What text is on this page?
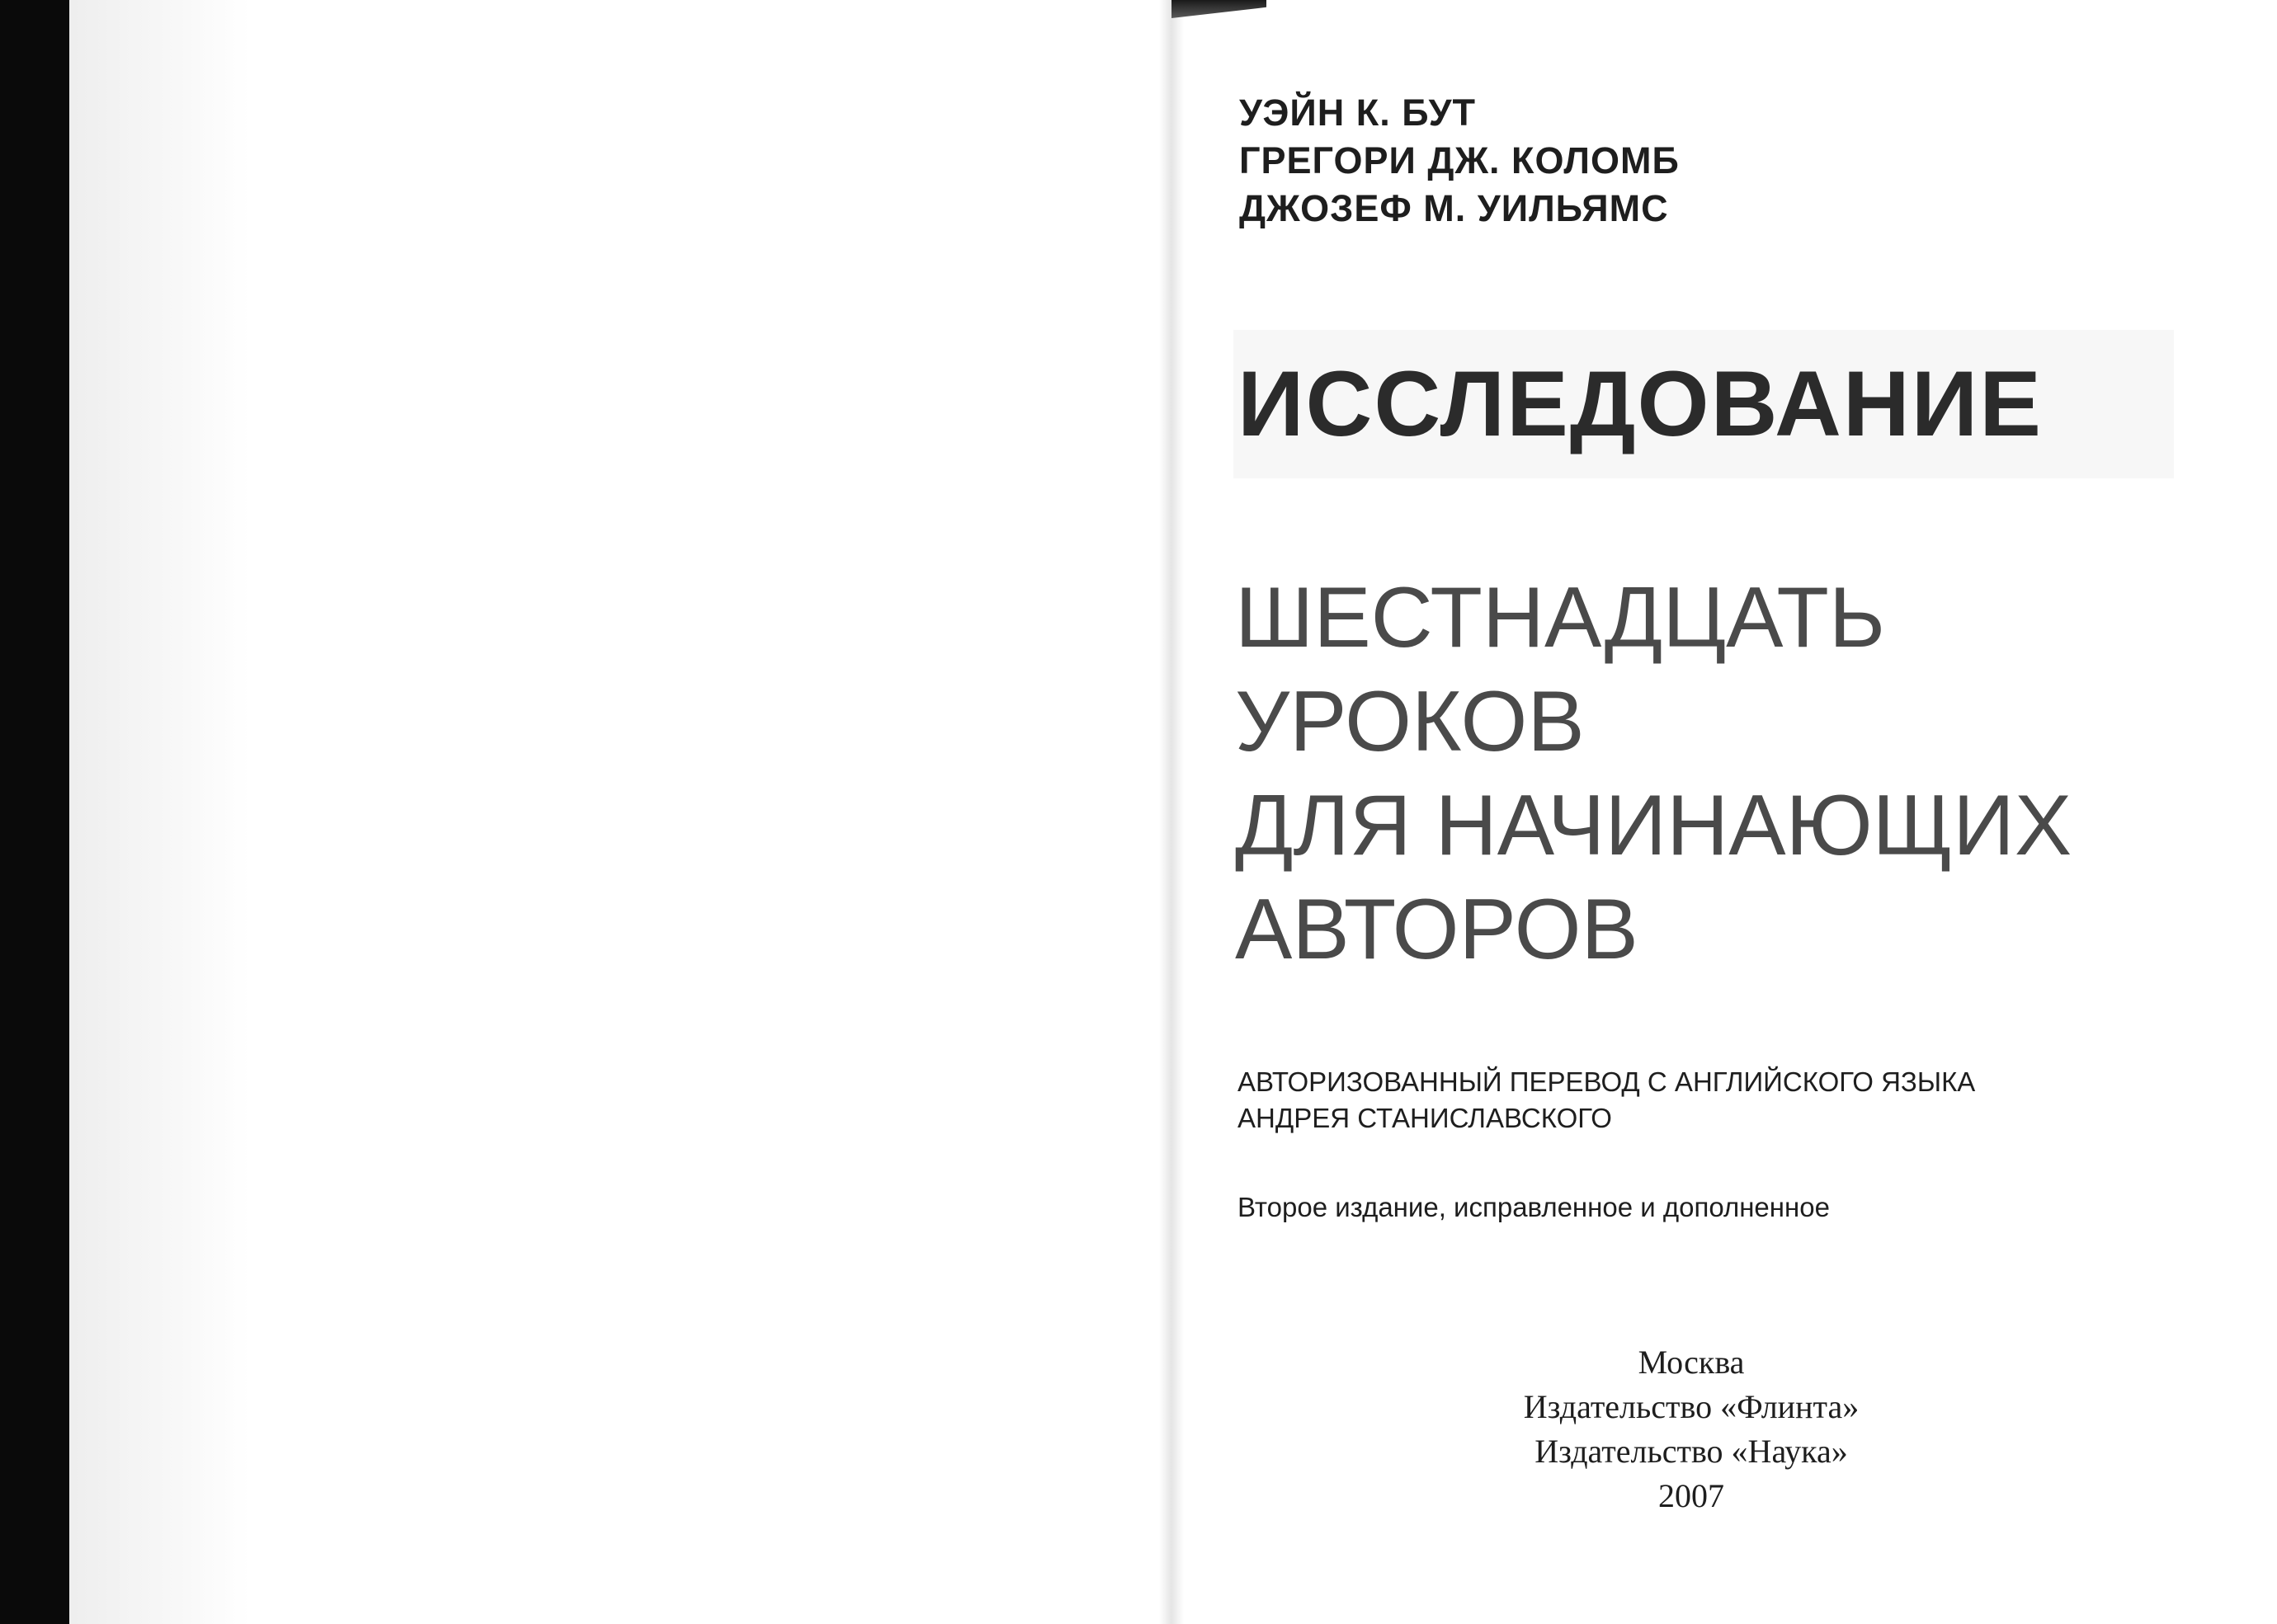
УЭЙН К. БУТ
ГРЕГОРИ ДЖ. КОЛОМБ
ДЖОЗЕФ М. УИЛЬЯМС
ИССЛЕДОВАНИЕ
ШЕСТНАДЦАТЬ
УРОКОВ
ДЛЯ НАЧИНАЮЩИХ
АВТОРОВ
АВТОРИЗОВАННЫЙ ПЕРЕВОД С АНГЛИЙСКОГО ЯЗЫКА
АНДРЕЯ СТАНИСЛАВСКОГО
Второе издание, исправленное и дополненное
Москва
Издательство «Флинта»
Издательство «Наука»
2007
